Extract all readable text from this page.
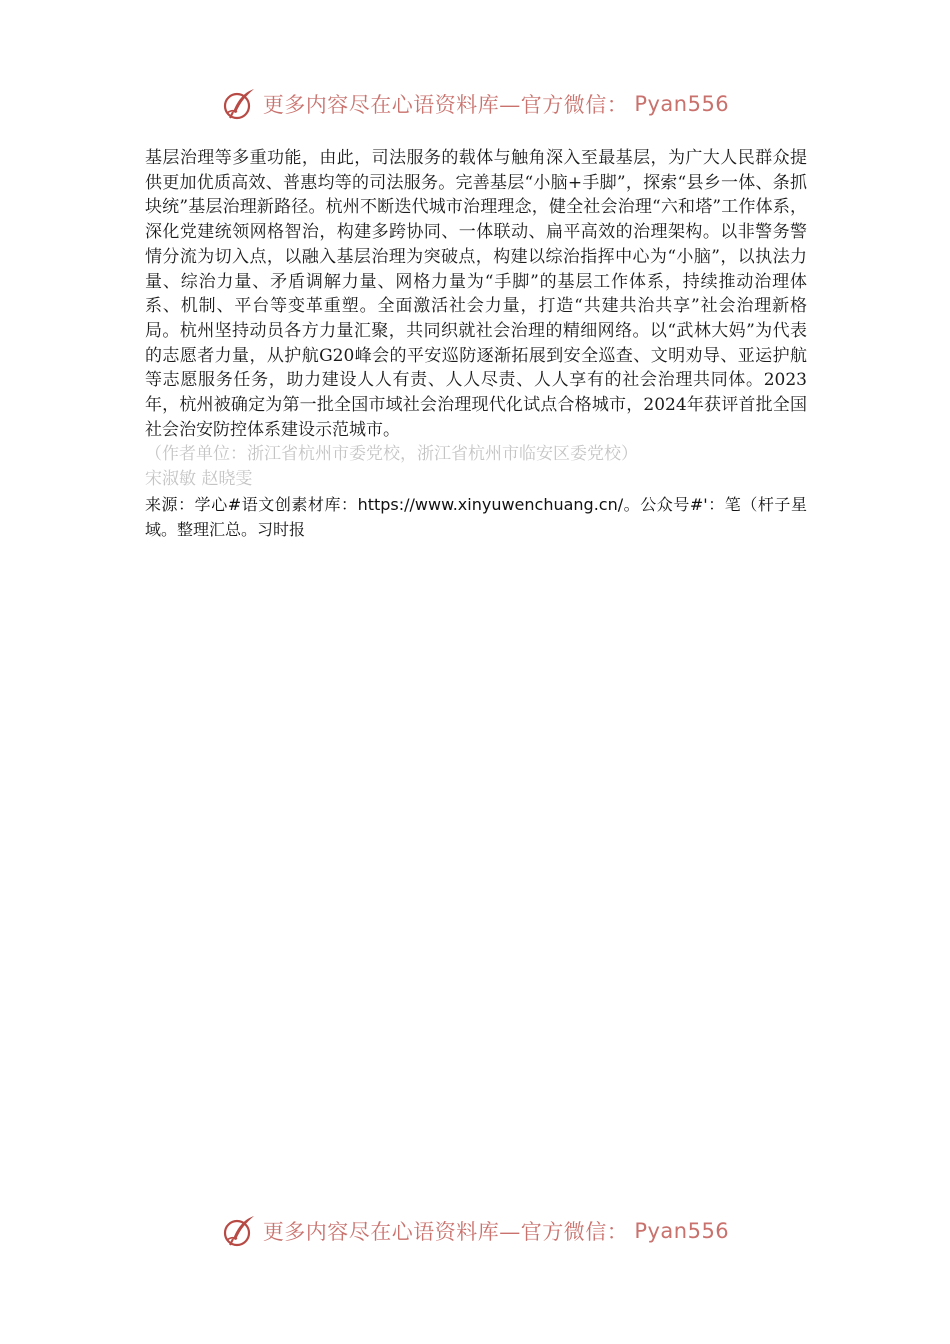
更多内容尽在心语资料库—官方微信： Pyan556

基层治理等多重功能，由此，司法服务的载体与触角深入至最基层，为广大人民群众提供更加优质高效、普惠均等的司法服务。完善基层“小脑+手脚”，探索“县乡一体、条抓块统”基层治理新路径。杭州不断迭代城市治理理念，健全社会治理“六和塔”工作体系，深化党建统领网格智治，构建多跨协同、一体联动、扁平高效的治理架构。以非警务警情分流为切入点，以融入基层治理为突破点，构建以综治指挥中心为“小脑”，以执法力量、综治力量、矛盾调解力量、网格力量为“手脚”的基层工作体系，持续推动治理体系、机制、平台等变革重塑。全面激活社会力量，打造“共建共治共享”社会治理新格局。杭州坚持动员各方力量汇聚，共同织就社会治理的精细网络。以“武林大妈”为代表的志愿者力量，从护航G20峰会的平安巡防逐渐拓展到安全巡查、文明劝导、亚运护航等志愿服务任务，助力建设人人有责、人人尽责、人人享有的社会治理共同体。2023年，杭州被确定为第一批全国市域社会治理现代化试点合格城市，2024年获评首批全国社会治安防控体系建设示范城市。

（作者单位：浙江省杭州市委党校，浙江省杭州市临安区委党校）

宋淑敏 赵晓雯

来源：学心#语文创素材库：https://www.xinyuwenchuang.cn/。公众号#'：笔（杆子星域。整理汇总。习时报

更多内容尽在心语资料库—官方微信： Pyan556
